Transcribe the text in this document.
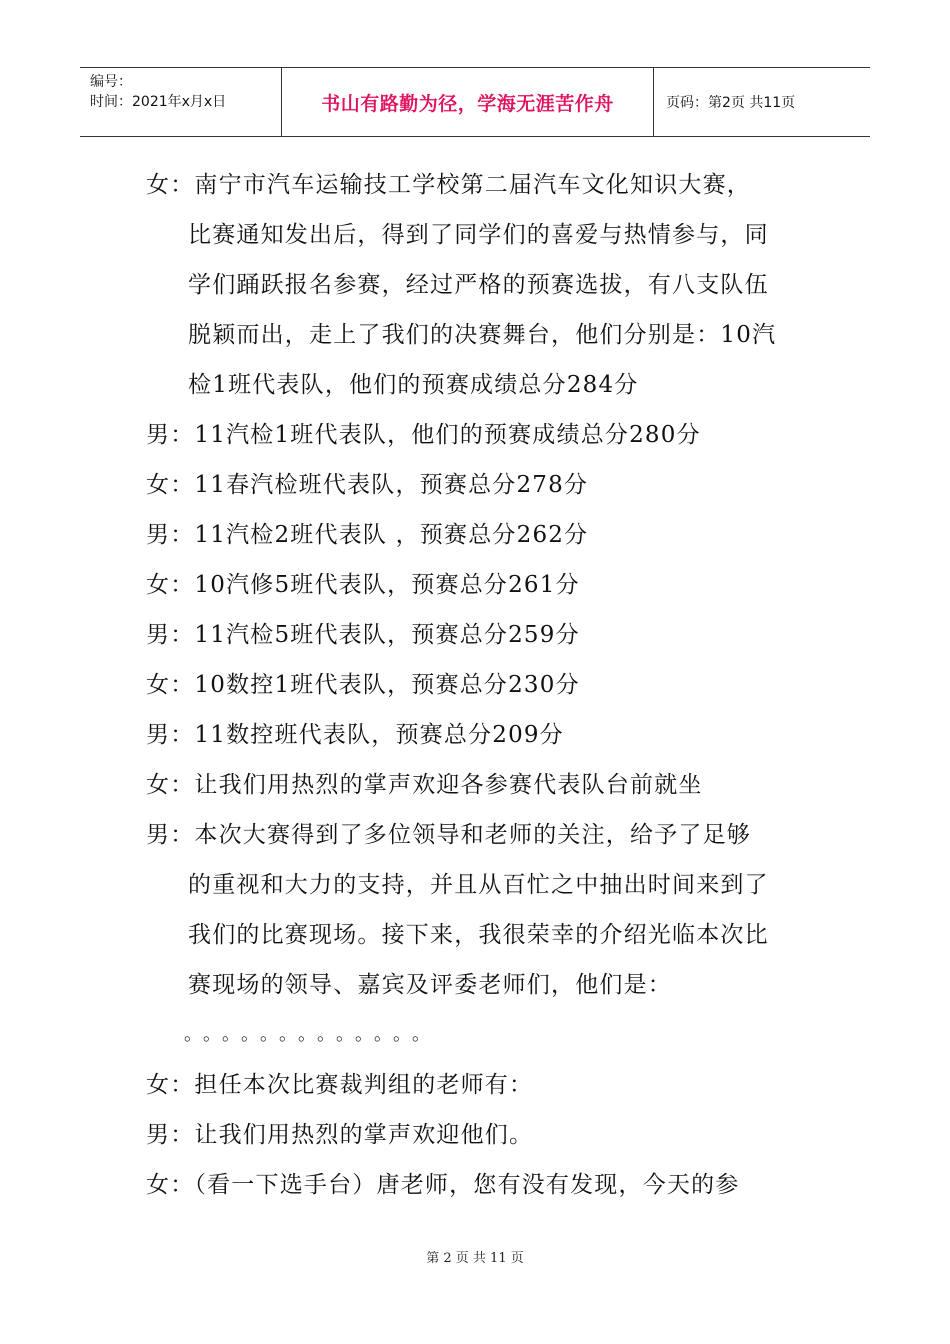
编号：
时间：2021年x月x日	书山有路勤为径，学海无涯苦作舟	页码：第2页 共11页
女：南宁市汽车运输技工学校第二届汽车文化知识大赛，
比赛通知发出后，得到了同学们的喜爱与热情参与，同
学们踊跃报名参赛，经过严格的预赛选拔，有八支队伍
脱颖而出，走上了我们的决赛舞台，他们分别是：10汽
检1班代表队，他们的预赛成绩总分284分
男：11汽检1班代表队，他们的预赛成绩总分280分
女：11春汽检班代表队，预赛总分278分
男：11汽检2班代表队 ，预赛总分262分
女：10汽修5班代表队，预赛总分261分
男：11汽检5班代表队，预赛总分259分
女：10数控1班代表队，预赛总分230分
男：11数控班代表队，预赛总分209分
女：让我们用热烈的掌声欢迎各参赛代表队台前就坐
男：本次大赛得到了多位领导和老师的关注，给予了足够
的重视和大力的支持，并且从百忙之中抽出时间来到了
我们的比赛现场。接下来，我很荣幸的介绍光临本次比
赛现场的领导、嘉宾及评委老师们，他们是：
。。。。。。。。。。。。。
女：担任本次比赛裁判组的老师有：
男：让我们用热烈的掌声欢迎他们。
女：（看一下选手台）唐老师，您有没有发现，今天的参
第 2 页 共 11 页
